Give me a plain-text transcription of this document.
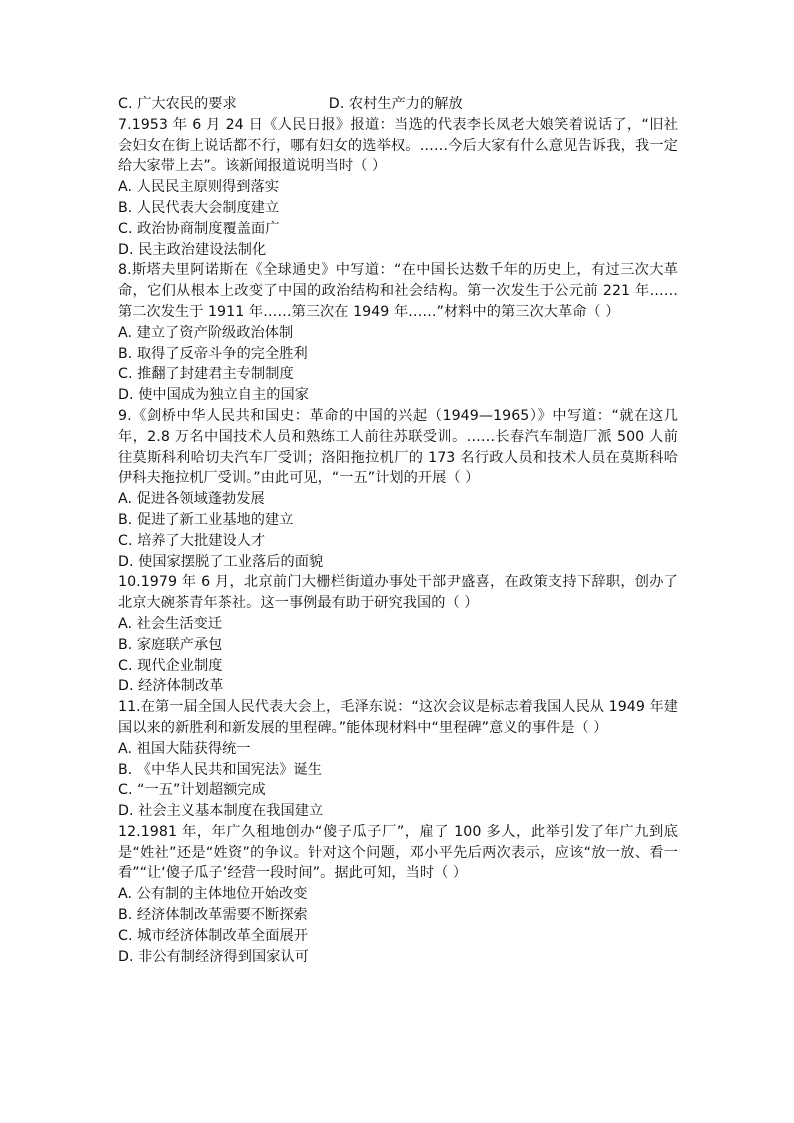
C. 广大农民的要求	D. 农村生产力的解放
7.1953 年 6 月 24 日《人民日报》报道：当选的代表李长凤老大娘笑着说话了，“旧社会妇女在街上说话都不行，哪有妇女的选举权。……今后大家有什么意见告诉我，我一定给大家带上去”。该新闻报道说明当时（ ）
A. 人民民主原则得到落实
B. 人民代表大会制度建立
C. 政治协商制度覆盖面广
D. 民主政治建设法制化
8.斯塔夫里阿诺斯在《全球通史》中写道：“在中国长达数千年的历史上，有过三次大革命，它们从根本上改变了中国的政治结构和社会结构。第一次发生于公元前 221 年……第二次发生于 1911 年……第三次在 1949 年……”材料中的第三次大革命（ ）
A. 建立了资产阶级政治体制
B. 取得了反帝斗争的完全胜利
C. 推翻了封建君主专制制度
D. 使中国成为独立自主的国家
9.《剑桥中华人民共和国史：革命的中国的兴起（1949—1965）》中写道：“就在这几年，2.8 万名中国技术人员和熟练工人前往苏联受训。……长春汽车制造厂派 500 人前往莫斯科利哈切夫汽车厂受训；洛阳拖拉机厂的 173 名行政人员和技术人员在莫斯科哈伊科夫拖拉机厂受训。”由此可见，“一五”计划的开展（ ）
A. 促进各领域蓬勃发展
B. 促进了新工业基地的建立
C. 培养了大批建设人才
D. 使国家摆脱了工业落后的面貌
10.1979 年 6 月，北京前门大栅栏街道办事处干部尹盛喜，在政策支持下辞职，创办了北京大碗茶青年茶社。这一事例最有助于研究我国的（ ）
A. 社会生活变迁
B. 家庭联产承包
C. 现代企业制度
D. 经济体制改革
11.在第一届全国人民代表大会上，毛泽东说：“这次会议是标志着我国人民从 1949 年建国以来的新胜利和新发展的里程碑。”能体现材料中“里程碑”意义的事件是（ ）
A. 祖国大陆获得统一
B. 《中华人民共和国宪法》诞生
C. “一五”计划超额完成
D. 社会主义基本制度在我国建立
12.1981 年，年广久租地创办“傻子瓜子厂”，雇了 100 多人，此举引发了年广九到底是“姓社”还是“姓资”的争议。针对这个问题，邓小平先后两次表示，应该“放一放、看一看”“让‘傻子瓜子’经营一段时间”。据此可知，当时（ ）
A. 公有制的主体地位开始改变
B. 经济体制改革需要不断探索
C. 城市经济体制改革全面展开
D. 非公有制经济得到国家认可
